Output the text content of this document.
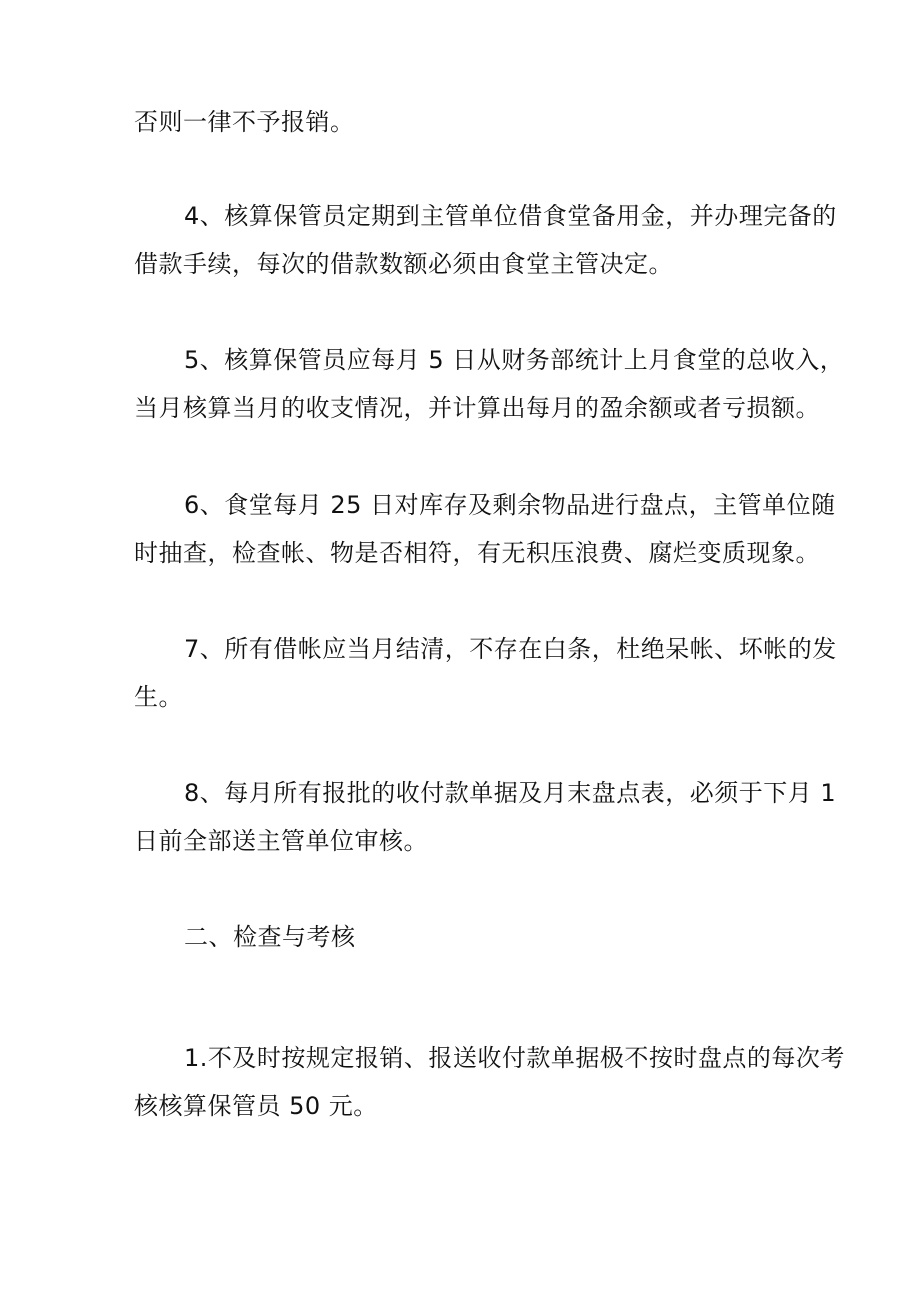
否则一律不予报销。
4、核算保管员定期到主管单位借食堂备用金，并办理完备的
借款手续，每次的借款数额必须由食堂主管决定。
5、核算保管员应每月 5 日从财务部统计上月食堂的总收入，
当月核算当月的收支情况，并计算出每月的盈余额或者亏损额。
6、食堂每月 25 日对库存及剩余物品进行盘点，主管单位随
时抽查，检查帐、物是否相符，有无积压浪费、腐烂变质现象。
7、所有借帐应当月结清，不存在白条，杜绝呆帐、坏帐的发
生。
8、每月所有报批的收付款单据及月末盘点表，必须于下月 1
日前全部送主管单位审核。
二、检查与考核
1.不及时按规定报销、报送收付款单据极不按时盘点的每次考
核核算保管员 50 元。
